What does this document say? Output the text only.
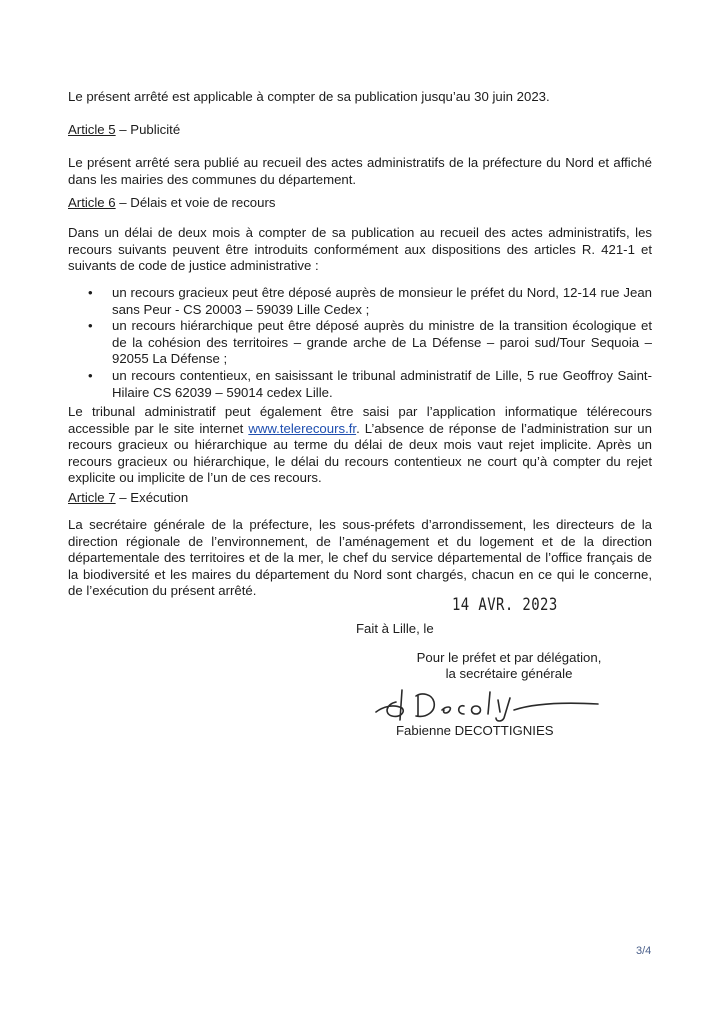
Le présent arrêté est applicable à compter de sa publication jusqu’au 30 juin 2023.

Article 5 – Publicité

Le présent arrêté sera publié au recueil des actes administratifs de la préfecture du Nord et affiché dans les mairies des communes du département.

Article 6 – Délais et voie de recours

Dans un délai de deux mois à compter de sa publication au recueil des actes administratifs, les recours suivants peuvent être introduits conformément aux dispositions des articles R. 421-1 et suivants de code de justice administrative :

• un recours gracieux peut être déposé auprès de monsieur le préfet du Nord, 12-14 rue Jean sans Peur - CS 20003 – 59039 Lille Cedex ;
• un recours hiérarchique peut être déposé auprès du ministre de la transition écologique et de la cohésion des territoires – grande arche de La Défense – paroi sud/Tour Sequoia – 92055 La Défense ;
• un recours contentieux, en saisissant le tribunal administratif de Lille, 5 rue Geoffroy Saint-Hilaire CS 62039 – 59014 cedex Lille.

Le tribunal administratif peut également être saisi par l’application informatique télérecours accessible par le site internet www.telerecours.fr. L’absence de réponse de l’administration sur un recours gracieux ou hiérarchique au terme du délai de deux mois vaut rejet implicite. Après un recours gracieux ou hiérarchique, le délai du recours contentieux ne court qu’à compter du rejet explicite ou implicite de l’un de ces recours.

Article 7 – Exécution

La secrétaire générale de la préfecture, les sous-préfets d’arrondissement, les directeurs de la direction régionale de l’environnement, de l’aménagement et du logement et de la direction départementale des territoires et de la mer, le chef du service départemental de l’office français de la biodiversité et les maires du département du Nord sont chargés, chacun en ce qui le concerne, de l’exécution du présent arrêté.

14 AVR. 2023
Fait à Lille, le
Pour le préfet et par délégation,
la secrétaire générale
Fabienne DECOTTIGNIES
3/4
